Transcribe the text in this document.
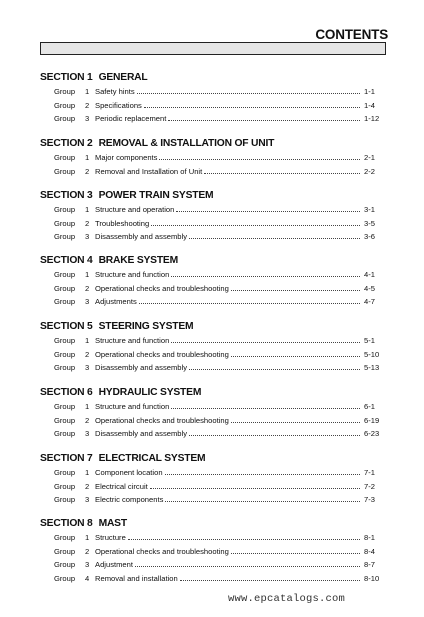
CONTENTS
SECTION 1 GENERAL
Group 1 Safety hints	1-1
Group 2 Specifications	1-4
Group 3 Periodic replacement	1-12
SECTION 2 REMOVAL & INSTALLATION OF UNIT
Group 1 Major components	2-1
Group 2 Removal and Installation of Unit	2-2
SECTION 3 POWER TRAIN SYSTEM
Group 1 Structure and operation	3-1
Group 2 Troubleshooting	3-5
Group 3 Disassembly and assembly	3-6
SECTION 4 BRAKE SYSTEM
Group 1 Structure and function	4-1
Group 2 Operational checks and troubleshooting	4-5
Group 3 Adjustments	4-7
SECTION 5 STEERING SYSTEM
Group 1 Structure and function	5-1
Group 2 Operational checks and troubleshooting	5-10
Group 3 Disassembly and assembly	5-13
SECTION 6 HYDRAULIC SYSTEM
Group 1 Structure and function	6-1
Group 2 Operational checks and troubleshooting	6-19
Group 3 Disassembly and assembly	6-23
SECTION 7 ELECTRICAL SYSTEM
Group 1 Component location	7-1
Group 2 Electrical circuit	7-2
Group 3 Electric components	7-3
SECTION 8 MAST
Group 1 Structure	8-1
Group 2 Operational checks and troubleshooting	8-4
Group 3 Adjustment	8-7
Group 4 Removal and installation	8-10
www.epcatalogs.com
